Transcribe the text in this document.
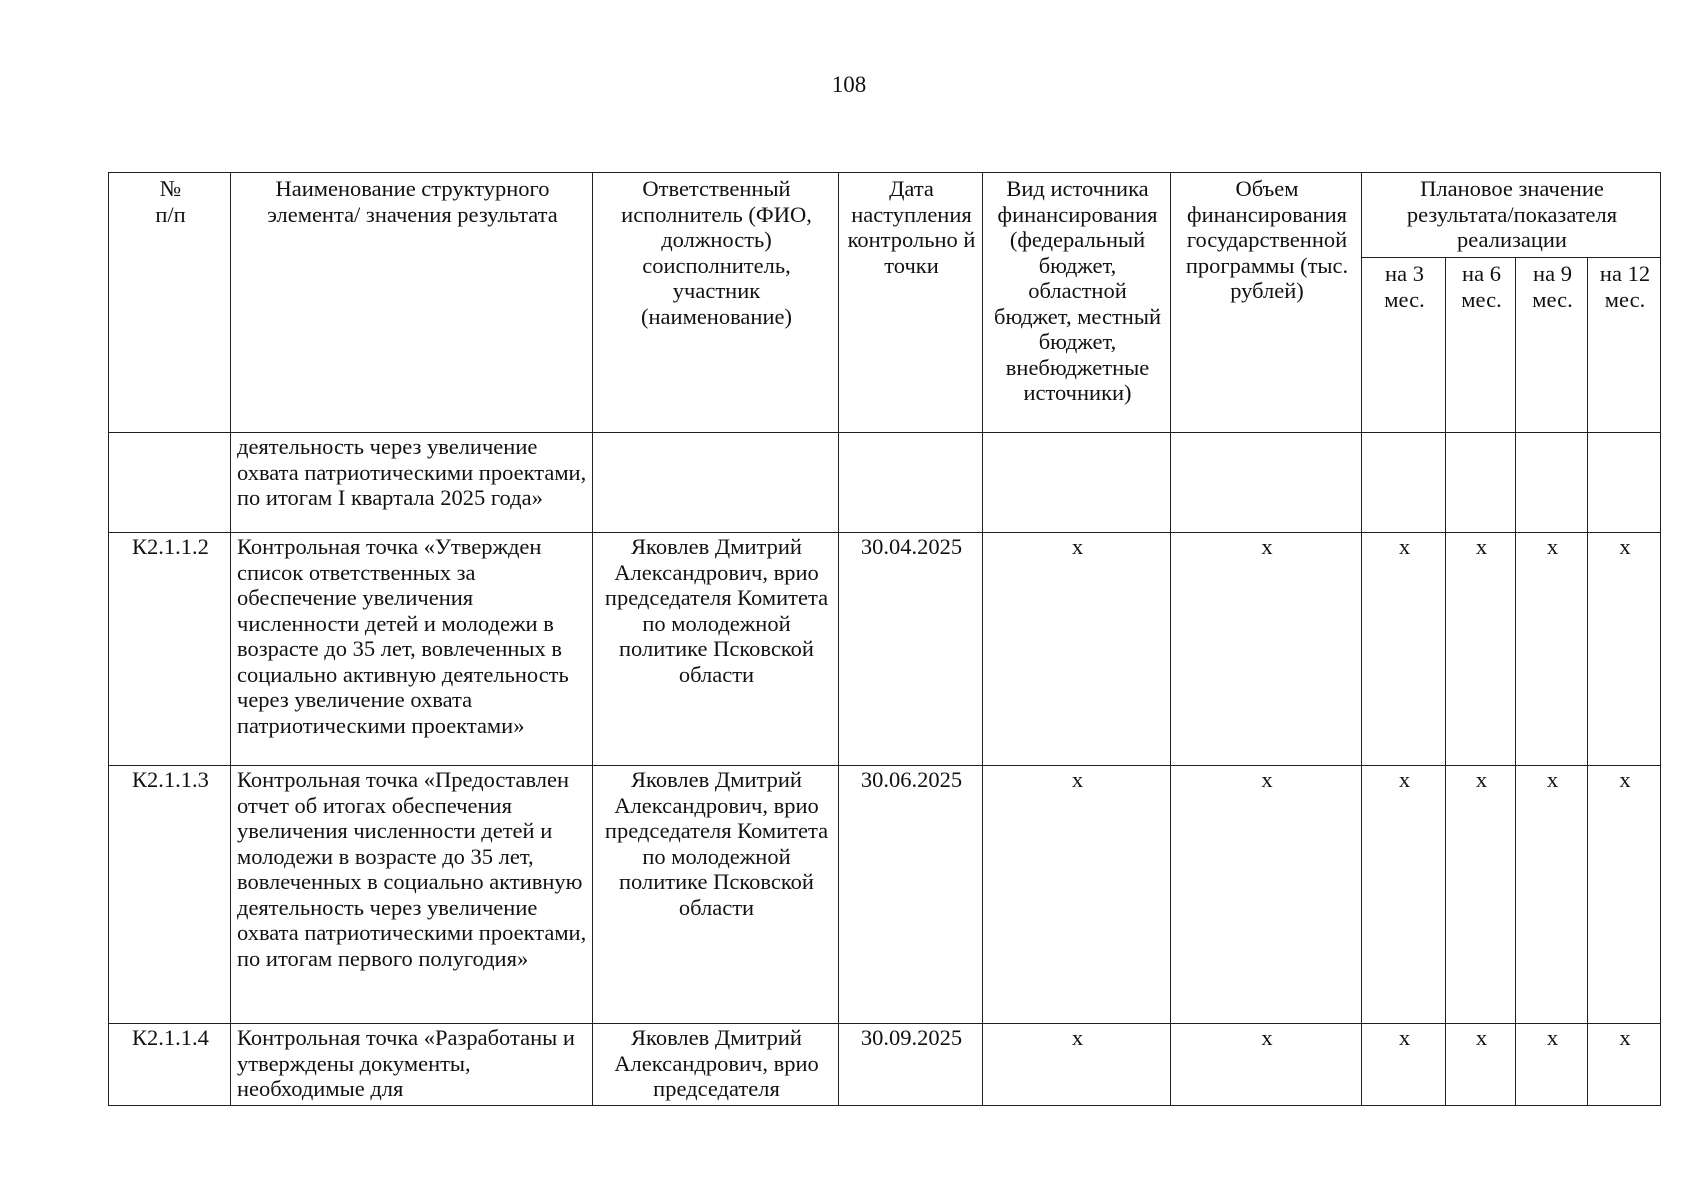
108
№
п/п	Наименование структурного элемента/ значения результата	Ответственный исполнитель (ФИО, должность) соисполнитель, участник (наименование)	Дата наступления контрольно й точки	Вид источника финансирования (федеральный бюджет, областной бюджет, местный бюджет, внебюджетные источники)	Объем финансирования государственной программы (тыс. рублей)	Плановое значение результата/показателя реализации			
						на 3 мес.	на 6 мес.	на 9 мес.	на 12 мес.
	деятельность через увеличение охвата патриотическими проектами, по итогам I квартала 2025 года»								
К2.1.1.2	Контрольная точка «Утвержден список ответственных за обеспечение увеличения численности детей и молодежи в возрасте до 35 лет, вовлеченных в социально активную деятельность через увеличение охвата патриотическими проектами»	Яковлев Дмитрий Александрович, врио председателя Комитета по молодежной политике Псковской области	30.04.2025	х	х	х	х	х	х
К2.1.1.3	Контрольная точка «Предоставлен отчет об итогах обеспечения увеличения численности детей и молодежи в возрасте до 35 лет, вовлеченных в социально активную деятельность через увеличение охвата патриотическими проектами, по итогам первого полугодия»	Яковлев Дмитрий Александрович, врио председателя Комитета по молодежной политике Псковской области	30.06.2025	х	х	х	х	х	х
К2.1.1.4	Контрольная точка «Разработаны и утверждены документы, необходимые для	Яковлев Дмитрий Александрович, врио председателя	30.09.2025	х	х	х	х	х	х
